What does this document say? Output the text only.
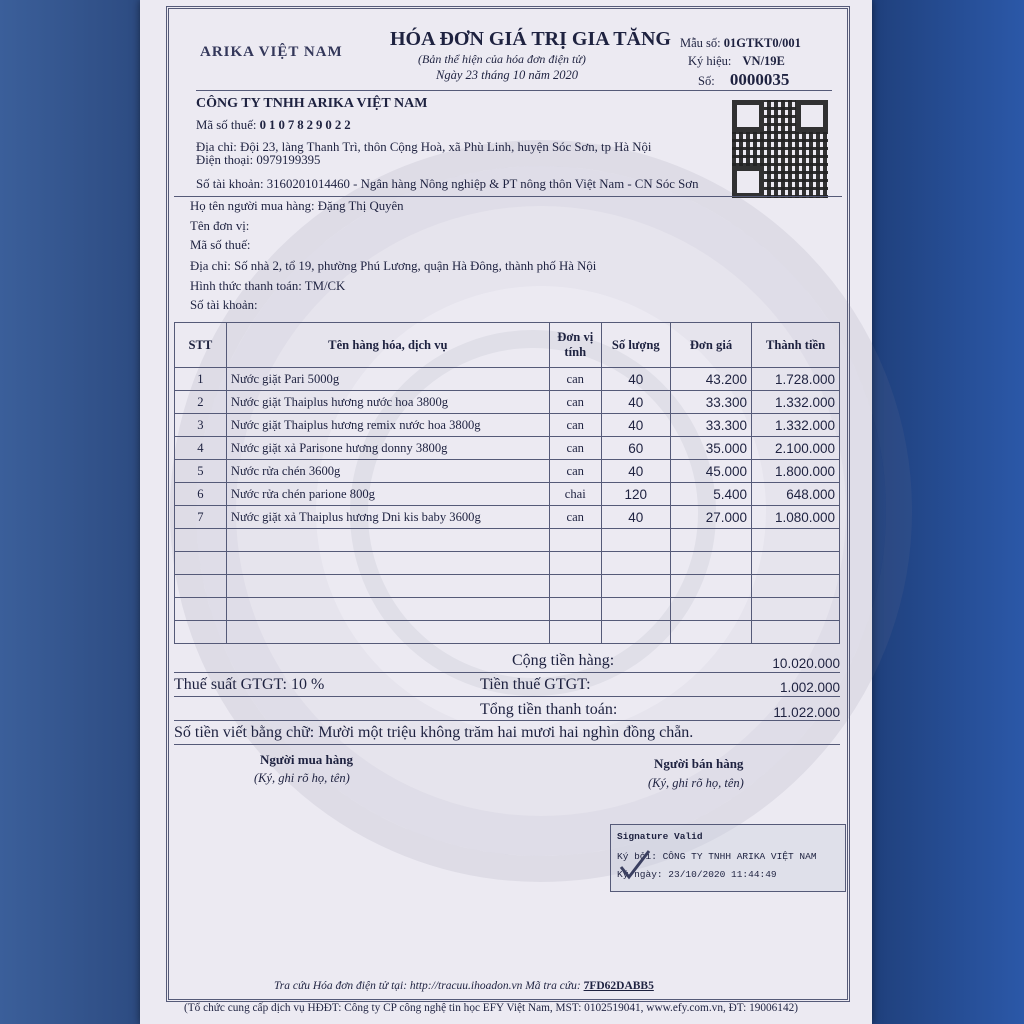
ARIKA VIỆT NAM
HÓA ĐƠN GIÁ TRỊ GIA TĂNG
(Bản thể hiện của hóa đơn điện tử)
Ngày 23 tháng 10 năm 2020
Mẫu số: 01GTKT0/001
Ký hiệu: VN/19E
Số: 0000035
CÔNG TY TNHH ARIKA VIỆT NAM
Mã số thuế: 0107829022
Địa chỉ: Đội 23, làng Thanh Trì, thôn Cộng Hoà, xã Phù Linh, huyện Sóc Sơn, tp Hà Nội
Điện thoại: 0979199395
Số tài khoản: 3160201014460 - Ngân hàng Nông nghiệp & PT nông thôn Việt Nam - CN Sóc Sơn
Họ tên người mua hàng: Đặng Thị Quyên
Tên đơn vị:
Mã số thuế:
Địa chỉ: Số nhà 2, tổ 19, phường Phú Lương, quận Hà Đông, thành phố Hà Nội
Hình thức thanh toán: TM/CK
Số tài khoản:
STT	Tên hàng hóa, dịch vụ	Đơn vị tính	Số lượng	Đơn giá	Thành tiền
1	Nước giặt Pari 5000g	can	40	43.200	1.728.000
2	Nước giặt Thaiplus hương nước hoa 3800g	can	40	33.300	1.332.000
3	Nước giặt Thaiplus hương remix nước hoa 3800g	can	40	33.300	1.332.000
4	Nước giặt xả Parisone hương donny 3800g	can	60	35.000	2.100.000
5	Nước rửa chén 3600g	can	40	45.000	1.800.000
6	Nước rửa chén parione 800g	chai	120	5.400	648.000
7	Nước giặt xả Thaiplus hương Dni kis baby 3600g	can	40	27.000	1.080.000

Cộng tiền hàng:	10.020.000
Thuế suất GTGT: 10 %	Tiền thuế GTGT:	1.002.000
Tổng tiền thanh toán:	11.022.000
Số tiền viết bằng chữ: Mười một triệu không trăm hai mươi hai nghìn đồng chẵn.
Người mua hàng
(Ký, ghi rõ họ, tên)
Người bán hàng
(Ký, ghi rõ họ, tên)
Signature Valid
Ký bởi: CÔNG TY TNHH ARIKA VIỆT NAM
Ký ngày: 23/10/2020 11:44:49
Tra cứu Hóa đơn điện tử tại: http://tracuu.ihoadon.vn Mã tra cứu: 7FD62DABB5
(Tổ chức cung cấp dịch vụ HĐĐT: Công ty CP công nghệ tin học EFY Việt Nam, MST: 0102519041, www.efy.com.vn, ĐT: 19006142)
